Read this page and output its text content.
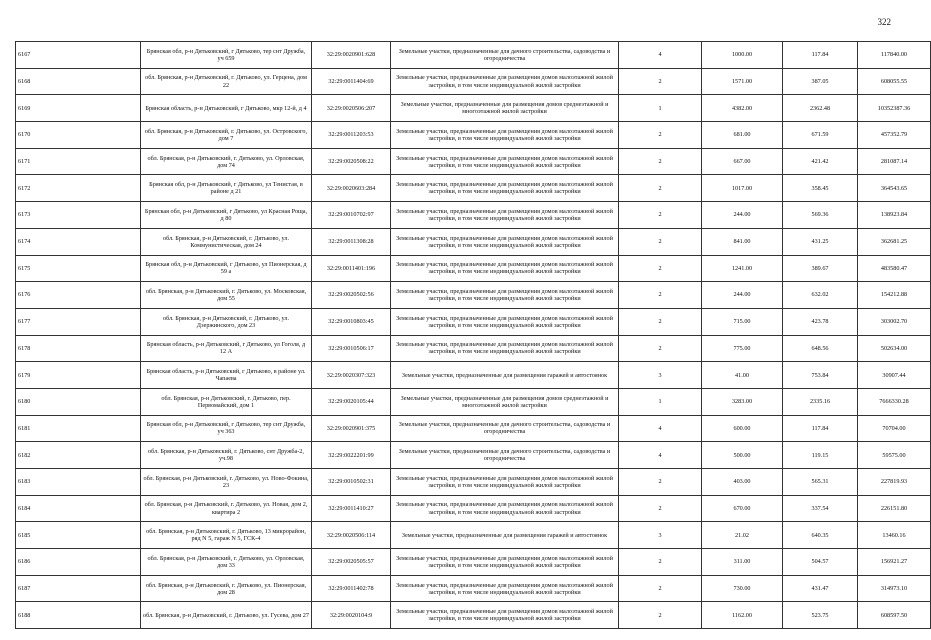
322
6167	Брянская обл, р-н Дятьковский, г Дятьково, тер снт Дружба, уч 659	32:29:0020901:628	Земельные участки, предназначенные для дачного строительства, садоводства и огородничества	4	1000.00	117.84	117840.00
6168	обл. Брянская, р-н Дятьковский, г. Дятьково, ул. Герцена, дом 22	32:29:0011404:69	Земельные участки, предназначенные для размещения домов малоэтажной жилой застройки, в том числе индивидуальной жилой застройки	2	1571.00	387.05	608055.55
6169	Брянская область, р-н Дятьковский, г Дятьково, мкр 12-й, д 4	32:29:0020506:207	Земельные участки, предназначенные для размещения домов среднеэтажной и многоэтажной жилой застройки	1	4382.00	2362.48	10352387.36
6170	обл. Брянская, р-н Дятьковский, г. Дятьково, ул. Островского, дом 7	32:29:0011203:53	Земельные участки, предназначенные для размещения домов малоэтажной жилой застройки, в том числе индивидуальной жилой застройки	2	681.00	671.59	457352.79
6171	обл. Брянская, р-н Дятьковский, г. Дятьково, ул. Орловская, дом 74	32:29:0020508:22	Земельные участки, предназначенные для размещения домов малоэтажной жилой застройки, в том числе индивидуальной жилой застройки	2	667.00	421.42	281087.14
6172	Брянская обл, р-н Дятьковский, г Дятьково, ул Тенистая, в районе д 21	32:29:0020603:284	Земельные участки, предназначенные для размещения домов малоэтажной жилой застройки, в том числе индивидуальной жилой застройки	2	1017.00	358.45	364543.65
6173	Брянская обл, р-н Дятьковский, г Дятьково, ул Красная Роща, д 80	32:29:0010702:97	Земельные участки, предназначенные для размещения домов малоэтажной жилой застройки, в том числе индивидуальной жилой застройки	2	244.00	569.36	138923.84
6174	обл. Брянская, р-н Дятьковский, г. Дятьково, ул. Коммунистическая, дом 24	32:29:0011308:28	Земельные участки, предназначенные для размещения домов малоэтажной жилой застройки, в том числе индивидуальной жилой застройки	2	841.00	431.25	362681.25
6175	Брянская обл, р-н Дятьковский, г Дятьково, ул Пионерская, д 59 а	32:29:0011401:196	Земельные участки, предназначенные для размещения домов малоэтажной жилой застройки, в том числе индивидуальной жилой застройки	2	1241.00	389.67	483580.47
6176	обл. Брянская, р-н Дятьковский, г. Дятьково, ул. Московская, дом 55	32:29:0020502:56	Земельные участки, предназначенные для размещения домов малоэтажной жилой застройки, в том числе индивидуальной жилой застройки	2	244.00	632.02	154212.88
6177	обл. Брянская, р-н Дятьковский, г. Дятьково, ул. Дзержинского, дом 23	32:29:0010803:45	Земельные участки, предназначенные для размещения домов малоэтажной жилой застройки, в том числе индивидуальной жилой застройки	2	715.00	423.78	303002.70
6178	Брянская область, р-н Дятьковский, г Дятьково, ул Гоголя, д 12 А	32:29:0010506:17	Земельные участки, предназначенные для размещения домов малоэтажной жилой застройки, в том числе индивидуальной жилой застройки	2	775.00	648.56	502634.00
6179	Брянская область, р-н Дятьковский, г Дятьково, в районе ул. Чапаева	32:29:0020307:323	Земельные участки, предназначенные для размещения гаражей и автостоянок	3	41.00	753.84	30907.44
6180	обл. Брянская, р-н Дятьковский, г. Дятьково, пер. Первомайский, дом 1	32:29:0020105:44	Земельные участки, предназначенные для размещения домов среднеэтажной и многоэтажной жилой застройки	1	3283.00	2335.16	7666330.28
6181	Брянская обл, р-н Дятьковский, г Дятьково, тер снт Дружба, уч 363	32:29:0020901:375	Земельные участки, предназначенные для дачного строительства, садоводства и огородничества	4	600.00	117.84	70704.00
6182	обл. Брянская, р-н Дятьковский, г. Дятьково, снт Дружба-2, уч.98	32:29:0022201:99	Земельные участки, предназначенные для дачного строительства, садоводства и огородничества	4	500.00	119.15	59575.00
6183	обл. Брянская, р-н Дятьковский, г. Дятьково, ул. Ново-Фокина, 23	32:29:0010502:31	Земельные участки, предназначенные для размещения домов малоэтажной жилой застройки, в том числе индивидуальной жилой застройки	2	403.00	565.31	227819.93
6184	обл. Брянская, р-н Дятьковский, г. Дятьково, ул. Новая, дом 2, квартира 2	32:29:0011410:27	Земельные участки, предназначенные для размещения домов малоэтажной жилой застройки, в том числе индивидуальной жилой застройки	2	670.00	337.54	226151.80
6185	обл. Брянская, р-н Дятьковский, г. Дятьково, 13 микрорайон, ряд N 5, гараж N 5, ГСК-4	32:29:0020506:114	Земельные участки, предназначенные для размещения гаражей и автостоянок	3	21.02	640.35	13460.16
6186	обл. Брянская, р-н Дятьковский, г. Дятьково, ул. Орловская, дом 33	32:29:0020505:57	Земельные участки, предназначенные для размещения домов малоэтажной жилой застройки, в том числе индивидуальной жилой застройки	2	311.00	504.57	156921.27
6187	обл. Брянская, р-н Дятьковский, г. Дятьково, ул. Пионерская, дом 28	32:29:0011402:78	Земельные участки, предназначенные для размещения домов малоэтажной жилой застройки, в том числе индивидуальной жилой застройки	2	730.00	431.47	314973.10
6188	обл. Брянская, р-н Дятьковский, г. Дятьково, ул. Гусева, дом 27	32:29:0020104:9	Земельные участки, предназначенные для размещения домов малоэтажной жилой застройки, в том числе индивидуальной жилой застройки	2	1162.00	523.75	608597.50
